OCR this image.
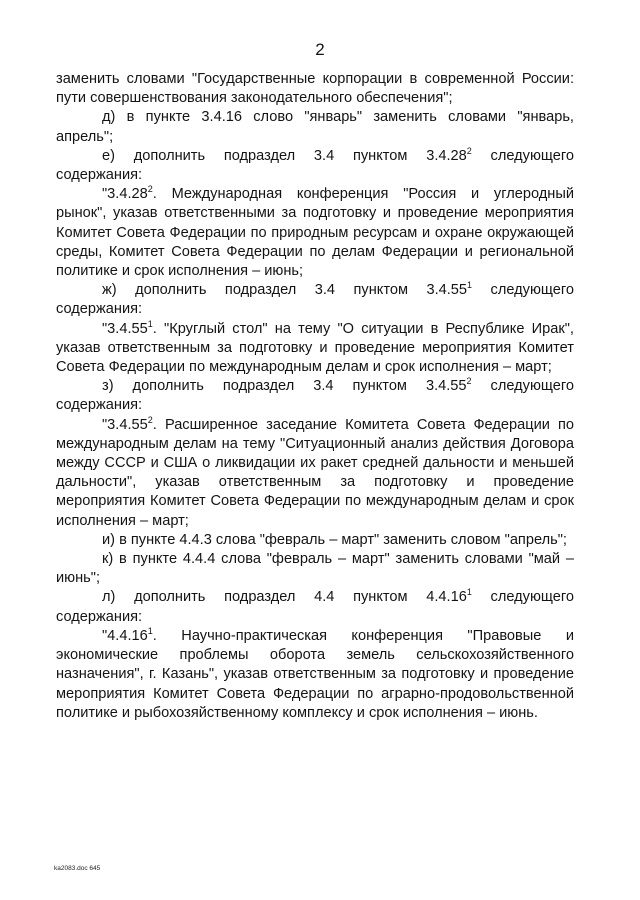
2

заменить словами "Государственные корпорации в современной России: пути совершенствования законодательного обеспечения";

д) в пункте 3.4.16 слово "январь" заменить словами "январь, апрель";

е) дополнить подраздел 3.4 пунктом 3.4.28$^2$ следующего содержания:

"3.4.28$^2$. Международная конференция "Россия и углеродный рынок", указав ответственными за подготовку и проведение мероприятия Комитет Совета Федерации по природным ресурсам и охране окружающей среды, Комитет Совета Федерации по делам Федерации и региональной политике и срок исполнения – июнь;

ж) дополнить подраздел 3.4 пунктом 3.4.55$^1$ следующего содержания:

"3.4.55$^1$. "Круглый стол" на тему "О ситуации в Республике Ирак", указав ответственным за подготовку и проведение мероприятия Комитет Совета Федерации по международным делам и срок исполнения – март;

з) дополнить подраздел 3.4 пунктом 3.4.55$^2$ следующего содержания:

"3.4.55$^2$. Расширенное заседание Комитета Совета Федерации по международным делам на тему "Ситуационный анализ действия Договора между СССР и США о ликвидации их ракет средней дальности и меньшей дальности", указав ответственным за подготовку и проведение мероприятия Комитет Совета Федерации по международным делам и срок исполнения – март;

и) в пункте 4.4.3 слова "февраль – март" заменить словом "апрель";

к) в пункте 4.4.4 слова "февраль – март" заменить словами "май – июнь";

л) дополнить подраздел 4.4 пунктом 4.4.16$^1$ следующего содержания:

"4.4.16$^1$. Научно-практическая конференция "Правовые и экономические проблемы оборота земель сельскохозяйственного назначения", г. Казань", указав ответственным за подготовку и проведение мероприятия Комитет Совета Федерации по аграрно-продовольственной политике и рыбохозяйственному комплексу и срок исполнения – июнь.

ka2083.doc 645
